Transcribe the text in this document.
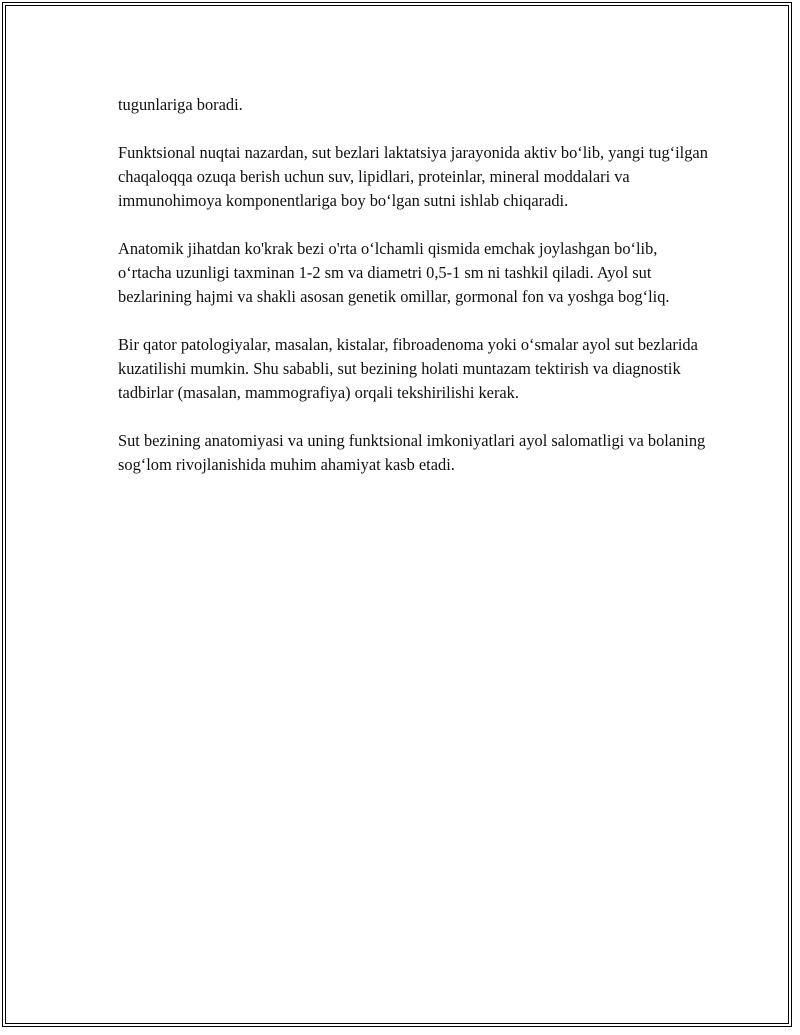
tugunlariga boradi.

Funktsional nuqtai nazardan, sut bezlari laktatsiya jarayonida aktiv bo‘lib, yangi tug‘ilgan chaqaloqqa ozuqa berish uchun suv, lipidlari, proteinlar, mineral moddalari va immunohimoya komponentlariga boy bo‘lgan sutni ishlab chiqaradi.

Anatomik jihatdan ko'krak bezi o'rta o‘lchamli qismida emchak joylashgan bo‘lib, o‘rtacha uzunligi taxminan 1-2 sm va diametri 0,5-1 sm ni tashkil qiladi. Ayol sut bezlarining hajmi va shakli asosan genetik omillar, gormonal fon va yoshga bog‘liq.

Bir qator patologiyalar, masalan, kistalar, fibroadenoma yoki o‘smalar ayol sut bezlarida kuzatilishi mumkin. Shu sababli, sut bezining holati muntazam tektirish va diagnostik tadbirlar (masalan, mammografiya) orqali tekshirilishi kerak.

Sut bezining anatomiyasi va uning funktsional imkoniyatlari ayol salomatligi va bolaning sog‘lom rivojlanishida muhim ahamiyat kasb etadi.
